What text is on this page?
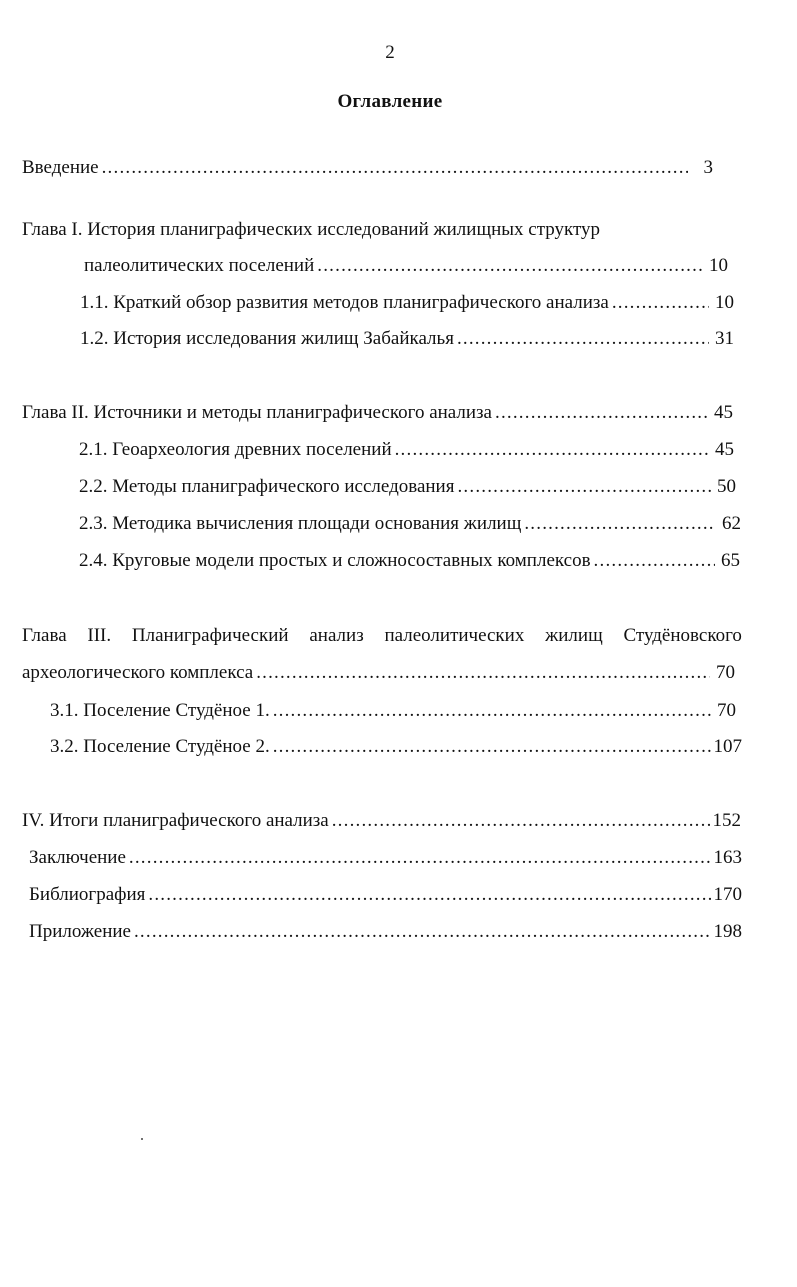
2
Оглавление
Введение .....	3
Глава I. История планиграфических исследований жилищных структур
палеолитических поселений .....	10
1.1. Краткий обзор развития методов планиграфического анализа .....	10
1.2. История исследования жилищ Забайкалья .....	31
Глава II. Источники и методы планиграфического анализа .....	45
2.1. Геоархеология древних поселений .....	45
2.2. Методы планиграфического исследования .....	50
2.3. Методика вычисления площади основания жилищ .....	62
2.4. Круговые модели простых и сложносоставных комплексов .....	65
Глава III. Планиграфический анализ палеолитических жилищ Студёновского
археологического комплекса .....	70
3.1. Поселение Студёное 1. .....	70
3.2. Поселение Студёное 2. .....	107
IV. Итоги планиграфического анализа .....	152
Заключение .....	163
Библиография .....	170
Приложение .....	198
